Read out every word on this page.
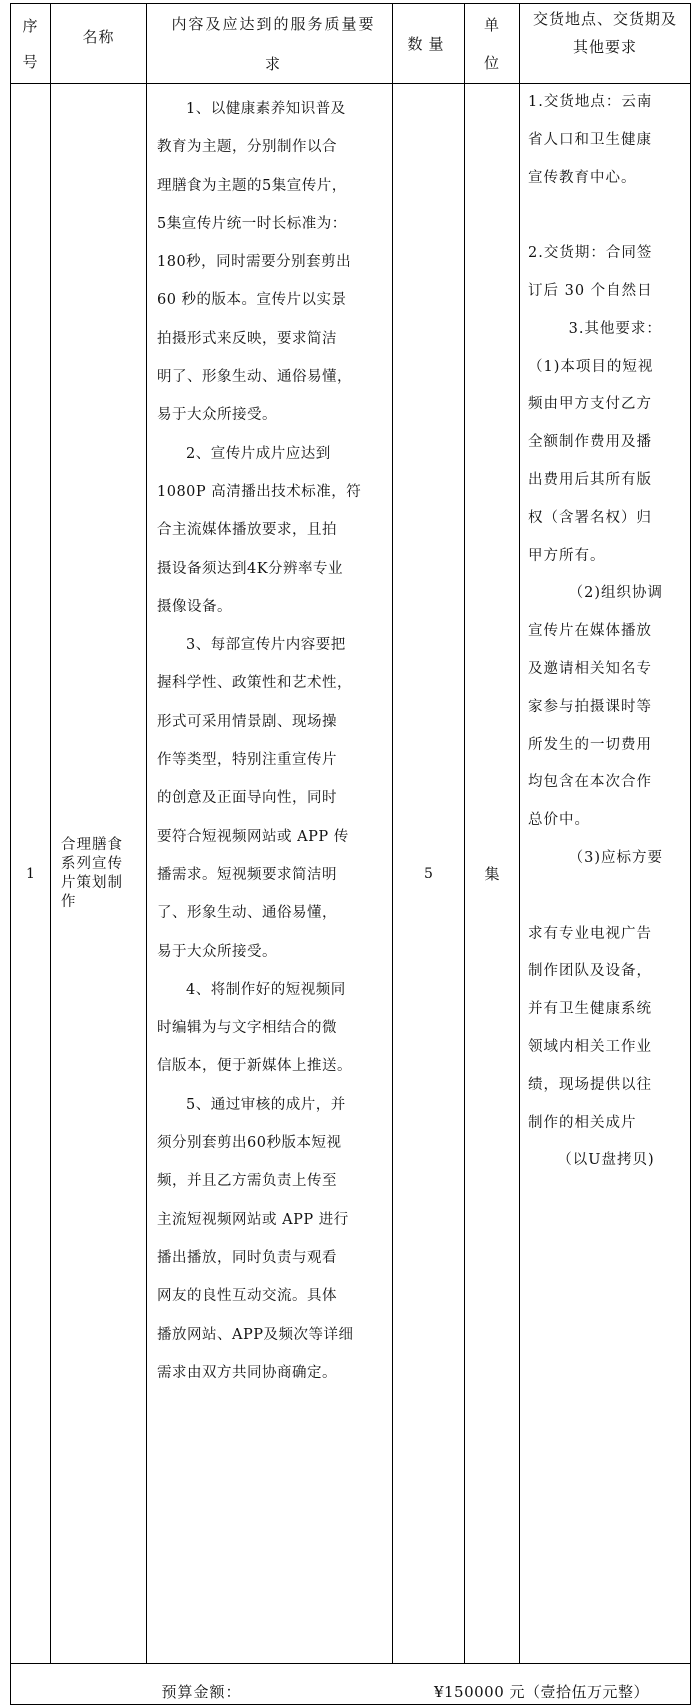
序号
名称
内容及应达到的服务质量要求
数量
单位
交货地点、交货期及其他要求
1
合理膳食系列宣传片策划制作

1、以健康素养知识普及

教育为主题，分别制作以合

理膳食为主题的5集宣传片，

5集宣传片统一时长标准为：

180秒，同时需要分别套剪出

60 秒的版本。宣传片以实景

拍摄形式来反映，要求简洁

明了、形象生动、通俗易懂，

易于大众所接受。

2、宣传片成片应达到

1080P 高清播出技术标准，符

合主流媒体播放要求，且拍

摄设备须达到4K分辨率专业

摄像设备。

3、每部宣传片内容要把

握科学性、政策性和艺术性，

形式可采用情景剧、现场操

作等类型，特别注重宣传片

的创意及正面导向性，同时

要符合短视频网站或 APP 传

播需求。短视频要求简洁明

了、形象生动、通俗易懂，

易于大众所接受。

4、将制作好的短视频同

时编辑为与文字相结合的微

信版本，便于新媒体上推送。

5、通过审核的成片，并

须分别套剪出60秒版本短视

频，并且乙方需负责上传至

主流短视频网站或 APP 进行

播出播放，同时负责与观看

网友的良性互动交流。具体

播放网站、APP及频次等详细

需求由双方共同协商确定。

5	集

1.交货地点：云南

省人口和卫生健康

宣传教育中心。

2.交货期：合同签

订后 30 个自然日

3.其他要求：

（1)本项目的短视

频由甲方支付乙方

全额制作费用及播

出费用后其所有版

权（含署名权）归

甲方所有。

（2)组织协调

宣传片在媒体播放

及邀请相关知名专

家参与拍摄课时等

所发生的一切费用

均包含在本次合作

总价中。

（3)应标方要

求有专业电视广告

制作团队及设备，

并有卫生健康系统

领域内相关工作业

绩，现场提供以往

制作的相关成片

（以U盘拷贝)

预算金额：	¥150000 元（壹拾伍万元整）
